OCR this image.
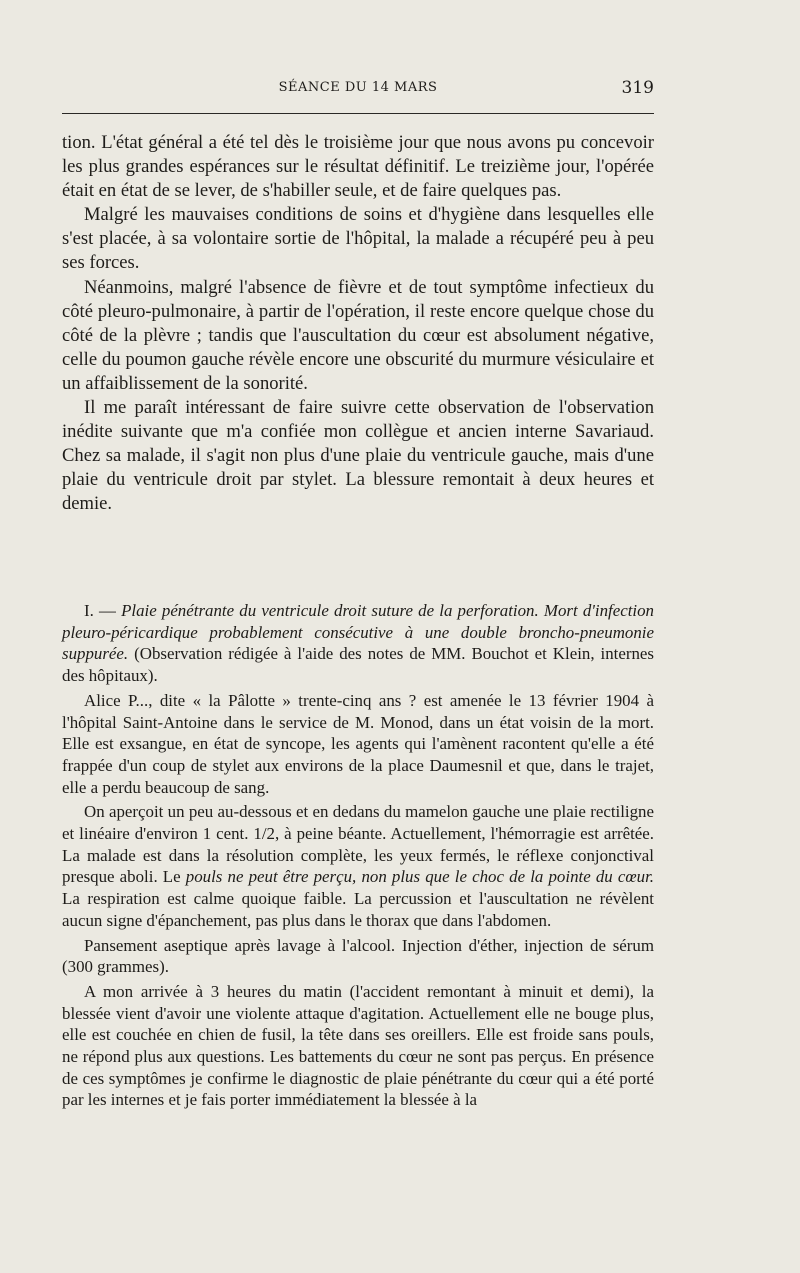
SÉANCE DU 14 MARS	319

tion. L'état général a été tel dès le troisième jour que nous avons pu concevoir les plus grandes espérances sur le résultat définitif. Le treizième jour, l'opérée était en état de se lever, de s'habiller seule, et de faire quelques pas.

Malgré les mauvaises conditions de soins et d'hygiène dans lesquelles elle s'est placée, à sa volontaire sortie de l'hôpital, la malade a récupéré peu à peu ses forces.

Néanmoins, malgré l'absence de fièvre et de tout symptôme infectieux du côté pleuro-pulmonaire, à partir de l'opération, il reste encore quelque chose du côté de la plèvre ; tandis que l'auscultation du cœur est absolument négative, celle du poumon gauche révèle encore une obscurité du murmure vésiculaire et un affaiblissement de la sonorité.

Il me paraît intéressant de faire suivre cette observation de l'observation inédite suivante que m'a confiée mon collègue et ancien interne Savariaud. Chez sa malade, il s'agit non plus d'une plaie du ventricule gauche, mais d'une plaie du ventricule droit par stylet. La blessure remontait à deux heures et demie.

I. — Plaie pénétrante du ventricule droit suture de la perforation. Mort d'infection pleuro-péricardique probablement consécutive à une double broncho-pneumonie suppurée. (Observation rédigée à l'aide des notes de MM. Bouchot et Klein, internes des hôpitaux).

Alice P..., dite « la Pâlotte » trente-cinq ans ? est amenée le 13 février 1904 à l'hôpital Saint-Antoine dans le service de M. Monod, dans un état voisin de la mort. Elle est exsangue, en état de syncope, les agents qui l'amènent racontent qu'elle a été frappée d'un coup de stylet aux environs de la place Daumesnil et que, dans le trajet, elle a perdu beaucoup de sang.

On aperçoit un peu au-dessous et en dedans du mamelon gauche une plaie rectiligne et linéaire d'environ 1 cent. 1/2, à peine béante. Actuellement, l'hémorragie est arrêtée. La malade est dans la résolution complète, les yeux fermés, le réflexe conjonctival presque aboli. Le pouls ne peut être perçu, non plus que le choc de la pointe du cœur. La respiration est calme quoique faible. La percussion et l'auscultation ne révèlent aucun signe d'épanchement, pas plus dans le thorax que dans l'abdomen.

Pansement aseptique après lavage à l'alcool. Injection d'éther, injection de sérum (300 grammes).

A mon arrivée à 3 heures du matin (l'accident remontant à minuit et demi), la blessée vient d'avoir une violente attaque d'agitation. Actuellement elle ne bouge plus, elle est couchée en chien de fusil, la tête dans ses oreillers. Elle est froide sans pouls, ne répond plus aux questions. Les battements du cœur ne sont pas perçus. En présence de ces symptômes je confirme le diagnostic de plaie pénétrante du cœur qui a été porté par les internes et je fais porter immédiatement la blessée à la
